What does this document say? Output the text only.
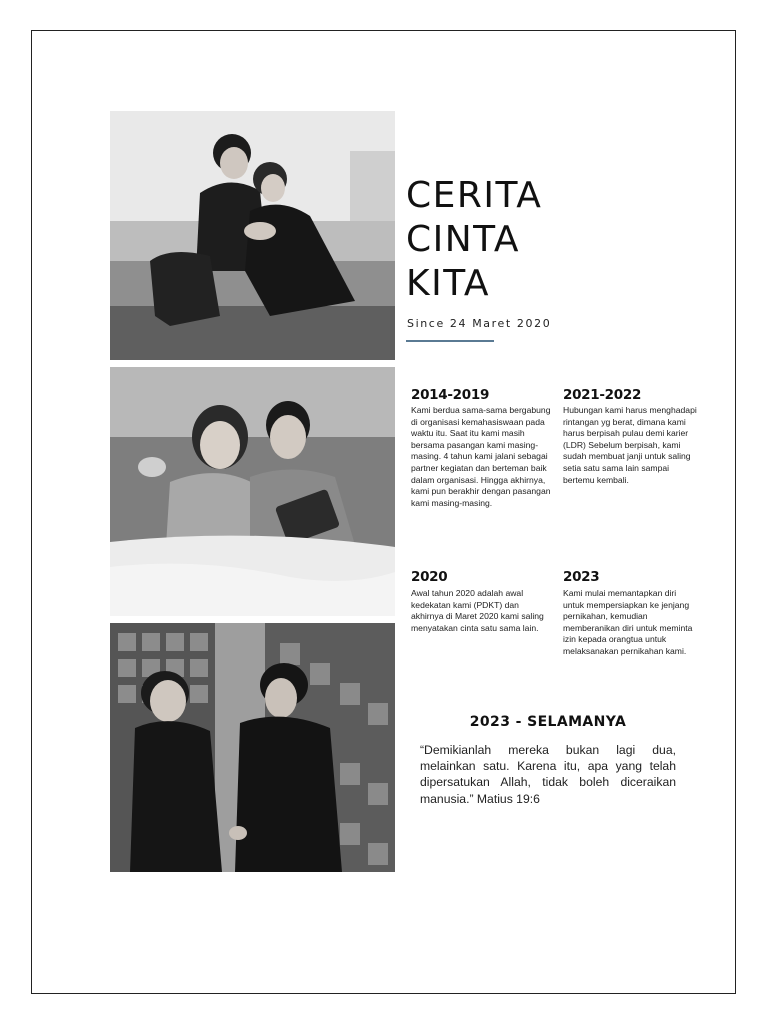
CERITA
CINTA
KITA
Since 24 Maret 2020
2014-2019
Kami berdua sama-sama bergabung di organisasi kemahasiswaan pada waktu itu. Saat itu kami masih bersama pasangan kami masing-masing. 4 tahun kami jalani sebagai partner kegiatan dan berteman baik dalam organisasi. Hingga akhirnya, kami pun berakhir dengan pasangan kami masing-masing.
2021-2022
Hubungan kami harus menghadapi rintangan yg berat, dimana kami harus berpisah pulau demi karier (LDR) Sebelum berpisah, kami sudah membuat janji untuk saling setia satu sama lain sampai bertemu kembali.
2020
Awal tahun 2020 adalah awal kedekatan kami (PDKT) dan akhirnya di Maret 2020 kami saling menyatakan cinta satu sama lain.
2023
Kami mulai memantapkan diri untuk mempersiapkan ke jenjang pernikahan, kemudian memberanikan diri untuk meminta izin kepada orangtua untuk melaksanakan pernikahan kami.
2023 - SELAMANYA
“Demikianlah mereka bukan lagi dua, melainkan satu. Karena itu, apa yang telah dipersatukan Allah, tidak boleh diceraikan manusia.” Matius 19:6
